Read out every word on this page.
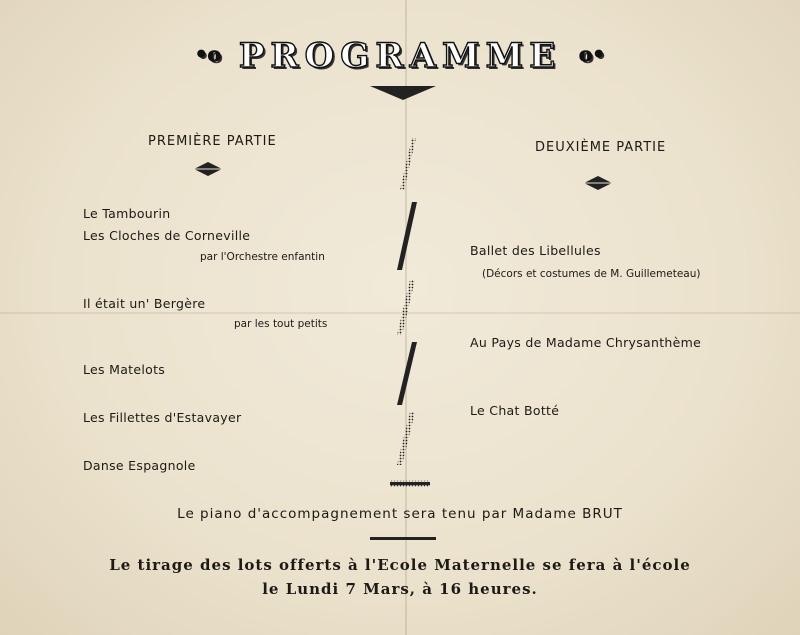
•o PROGRAMME o•
PREMIÈRE PARTIE
Le Tambourin
Les Cloches de Corneville
par l'Orchestre enfantin
Il était un' Bergère
par les tout petits
Les Matelots
Les Fillettes d'Estavayer
Danse Espagnole
DEUXIÈME PARTIE
Ballet des Libellules
(Décors et costumes de M. Guillemeteau)
Au Pays de Madame Chrysanthème
Le Chat Botté
Le piano d'accompagnement sera tenu par Madame BRUT
Le tirage des lots offerts à l'Ecole Maternelle se fera à l'école
le Lundi 7 Mars, à 16 heures.
